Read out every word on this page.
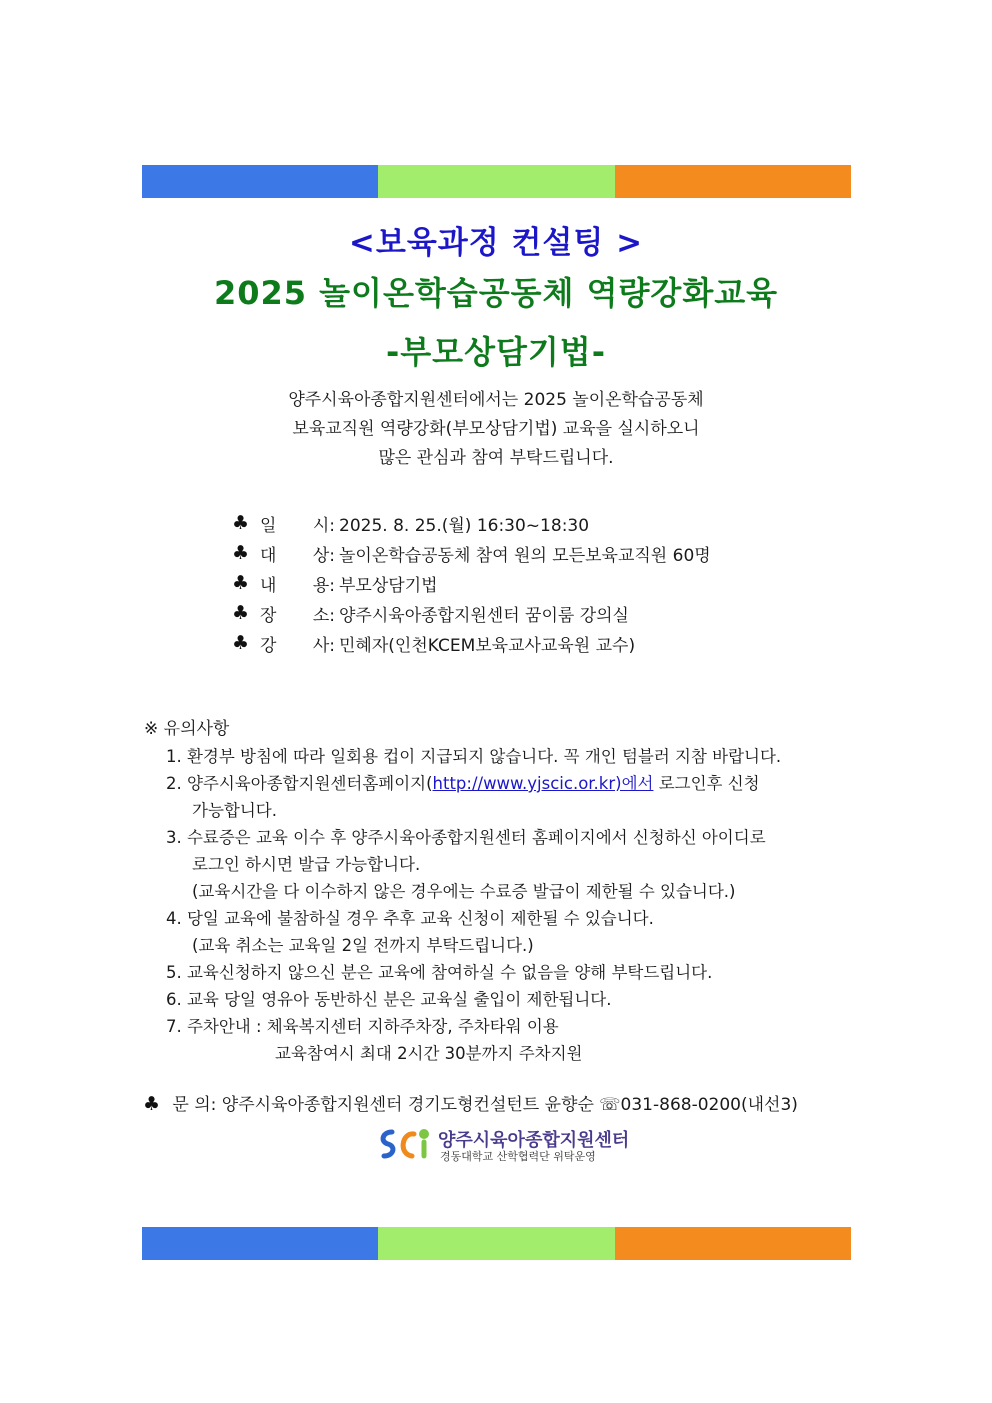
<보육과정 컨설팅 >
2025 놀이온학습공동체 역량강화교육
-부모상담기법-
양주시육아종합지원센터에서는 2025 놀이온학습공동체
보육교직원 역량강화(부모상담기법) 교육을 실시하오니
많은 관심과 참여 부탁드립니다.
♣ 일 시: 2025. 8. 25.(월) 16:30~18:30
♣ 대 상: 놀이온학습공동체 참여 원의 모든보육교직원 60명
♣ 내 용: 부모상담기법
♣ 장 소: 양주시육아종합지원센터 꿈이룸 강의실
♣ 강 사: 민혜자(인천KCEM보육교사교육원 교수)
※ 유의사항
1. 환경부 방침에 따라 일회용 컵이 지급되지 않습니다. 꼭 개인 텀블러 지참 바랍니다.
2. 양주시육아종합지원센터홈페이지(http://www.yjscic.or.kr)에서 로그인후 신청
가능합니다.
3. 수료증은 교육 이수 후 양주시육아종합지원센터 홈페이지에서 신청하신 아이디로
로그인 하시면 발급 가능합니다.
(교육시간을 다 이수하지 않은 경우에는 수료증 발급이 제한될 수 있습니다.)
4. 당일 교육에 불참하실 경우 추후 교육 신청이 제한될 수 있습니다.
(교육 취소는 교육일 2일 전까지 부탁드립니다.)
5. 교육신청하지 않으신 분은 교육에 참여하실 수 없음을 양해 부탁드립니다.
6. 교육 당일 영유아 동반하신 분은 교육실 출입이 제한됩니다.
7. 주차안내 : 체육복지센터 지하주차장, 주차타워 이용
교육참여시 최대 2시간 30분까지 주차지원
♣ 문 의: 양주시육아종합지원센터 경기도형컨설턴트 윤향순 ☏031-868-0200(내선3)
양주시육아종합지원센터
경동대학교 산학협력단 위탁운영
